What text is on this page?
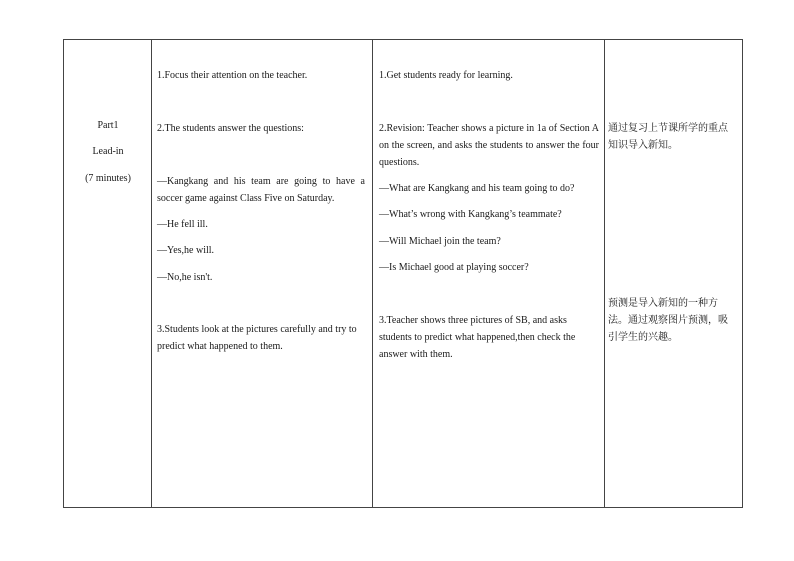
Part1
Lead-in
(7 minutes)

1.Focus their attention on the teacher.
2.The students answer the questions:
—Kangkang and his team are going to have a soccer game against Class Five on Saturday.
—He fell ill.
—Yes,he will.
—No,he isn't.
3.Students look at the pictures carefully and try to predict what happened to them.

1.Get students ready for learning.
2.Revision: Teacher shows a picture in 1a of Section A on the screen, and asks the students to answer the four questions.
—What are Kangkang and his team going to do?
—What’s wrong with Kangkang’s teammate?
—Will Michael join the team?
—Is Michael good at playing soccer?
3.Teacher shows three pictures of SB, and asks students to predict what happened,then check the answer with them.

通过复习上节课所学的重点知识导入新知。
预测是导入新知的一种方法。通过观察图片预测，吸引学生的兴趣。
